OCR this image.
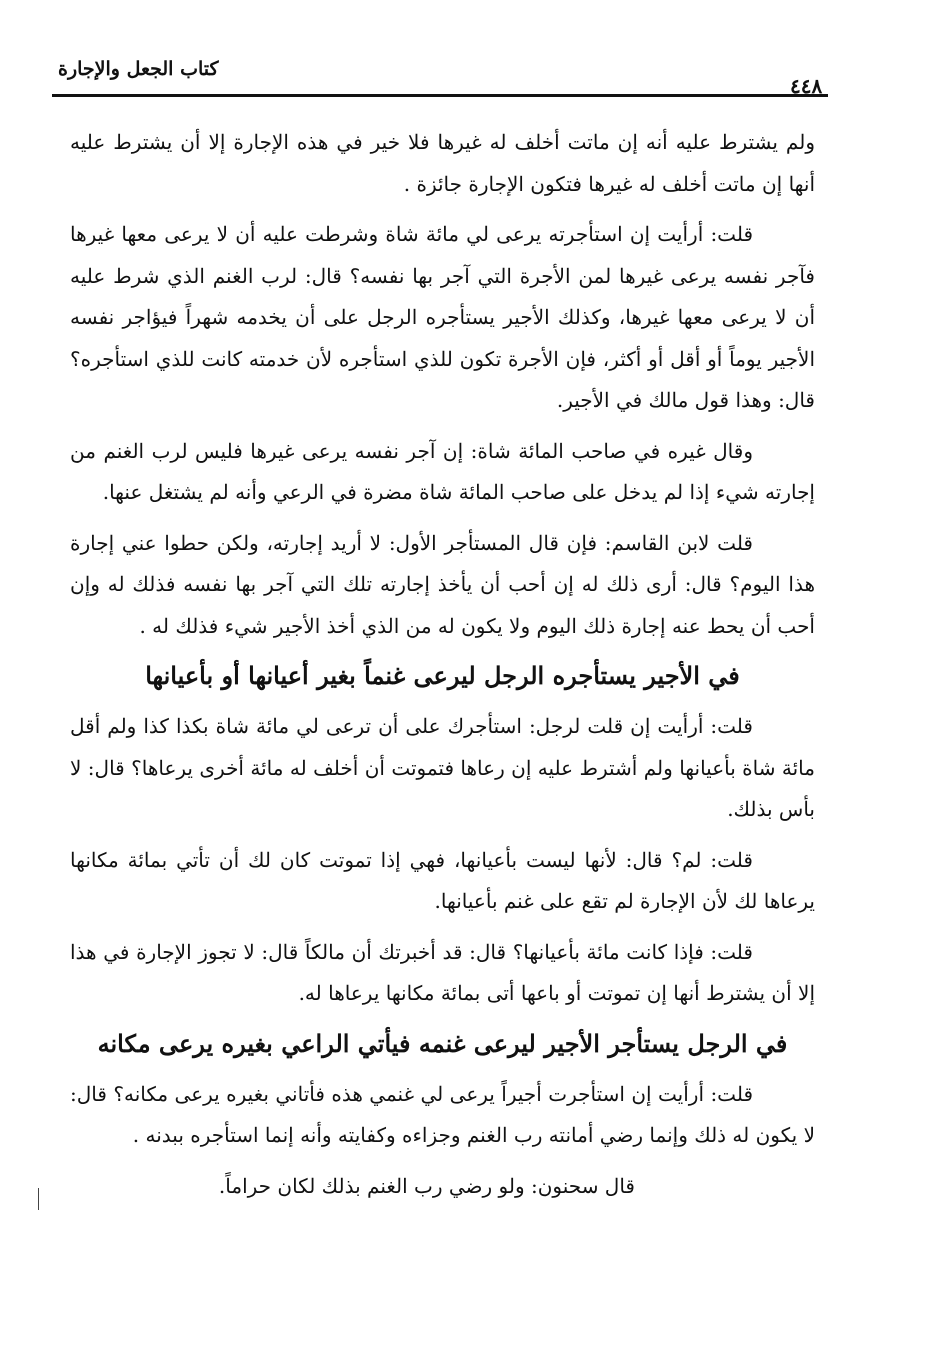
كتاب الجعل والإجارة
٤٤٨

ولم يشترط عليه أنه إن ماتت أخلف له غيرها فلا خير في هذه الإجارة إلا أن يشترط عليه أنها إن ماتت أخلف له غيرها فتكون الإجارة جائزة .

قلت: أرأيت إن استأجرته يرعى لي مائة شاة وشرطت عليه أن لا يرعى معها غيرها فآجر نفسه يرعى غيرها لمن الأجرة التي آجر بها نفسه؟ قال: لرب الغنم الذي شرط عليه أن لا يرعى معها غيرها، وكذلك الأجير يستأجره الرجل على أن يخدمه شهراً فيؤاجر نفسه الأجير يوماً أو أقل أو أكثر، فإن الأجرة تكون للذي استأجره لأن خدمته كانت للذي استأجره؟ قال: وهذا قول مالك في الأجير.

وقال غيره في صاحب المائة شاة: إن آجر نفسه يرعى غيرها فليس لرب الغنم من إجارته شيء إذا لم يدخل على صاحب المائة شاة مضرة في الرعي وأنه لم يشتغل عنها.

قلت لابن القاسم: فإن قال المستأجر الأول: لا أريد إجارته، ولكن حطوا عني إجارة هذا اليوم؟ قال: أرى ذلك له إن أحب أن يأخذ إجارته تلك التي آجر بها نفسه فذلك له وإن أحب أن يحط عنه إجارة ذلك اليوم ولا يكون له من الذي أخذ الأجير شيء فذلك له .

في الأجير يستأجره الرجل ليرعى غنماً بغير أعيانها أو بأعيانها

قلت: أرأيت إن قلت لرجل: استأجرك على أن ترعى لي مائة شاة بكذا كذا ولم أقل مائة شاة بأعيانها ولم أشترط عليه إن رعاها فتموتت أن أخلف له مائة أخرى يرعاها؟ قال: لا بأس بذلك.

قلت: لم؟ قال: لأنها ليست بأعيانها، فهي إذا تموتت كان لك أن تأتي بمائة مكانها يرعاها لك لأن الإجارة لم تقع على غنم بأعيانها.

قلت: فإذا كانت مائة بأعيانها؟ قال: قد أخبرتك أن مالكاً قال: لا تجوز الإجارة في هذا إلا أن يشترط أنها إن تموتت أو باعها أتى بمائة مكانها يرعاها له.

في الرجل يستأجر الأجير ليرعى غنمه فيأتي الراعي بغيره يرعى مكانه

قلت: أرأيت إن استأجرت أجيراً يرعى لي غنمي هذه فأتاني بغيره يرعى مكانه؟ قال: لا يكون له ذلك وإنما رضي أمانته رب الغنم وجزاءه وكفايته وأنه إنما استأجره ببدنه .

قال سحنون: ولو رضي رب الغنم بذلك لكان حراماً.
